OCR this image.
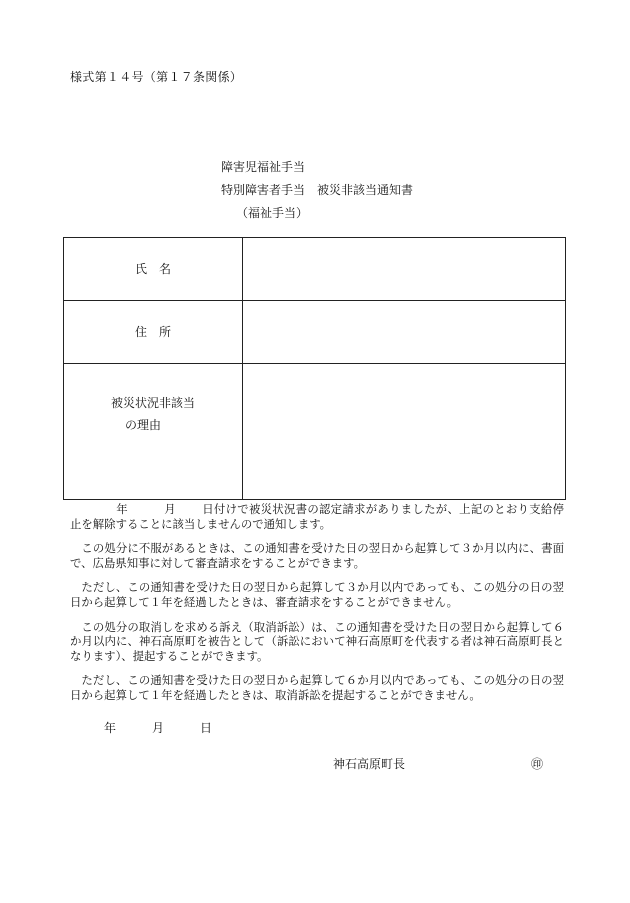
様式第１４号（第１７条関係）
障害児福祉手当
特別障害者手当　被災非該当通知書
（福祉手当）
氏　名	

住　所	

被災状況非該当
の理由	

年	月 日付けで被災状況書の認定請求がありましたが、上記のとおり支給停止を解除することに該当しませんので通知します。

この処分に不服があるときは、この通知書を受けた日の翌日から起算して３か月以内に、書面で、広島県知事に対して審査請求をすることができます。

ただし、この通知書を受けた日の翌日から起算して３か月以内であっても、この処分の日の翌日から起算して１年を経過したときは、審査請求をすることができません。

この処分の取消しを求める訴え（取消訴訟）は、この通知書を受けた日の翌日から起算して６か月以内に、神石高原町を被告として（訴訟において神石高原町を代表する者は神石高原町長となります）、提起することができます。

ただし、この通知書を受けた日の翌日から起算して６か月以内であっても、この処分の日の翌日から起算して１年を経過したときは、取消訴訟を提起することができません。

年	月	日
神石高原町長	㊞
